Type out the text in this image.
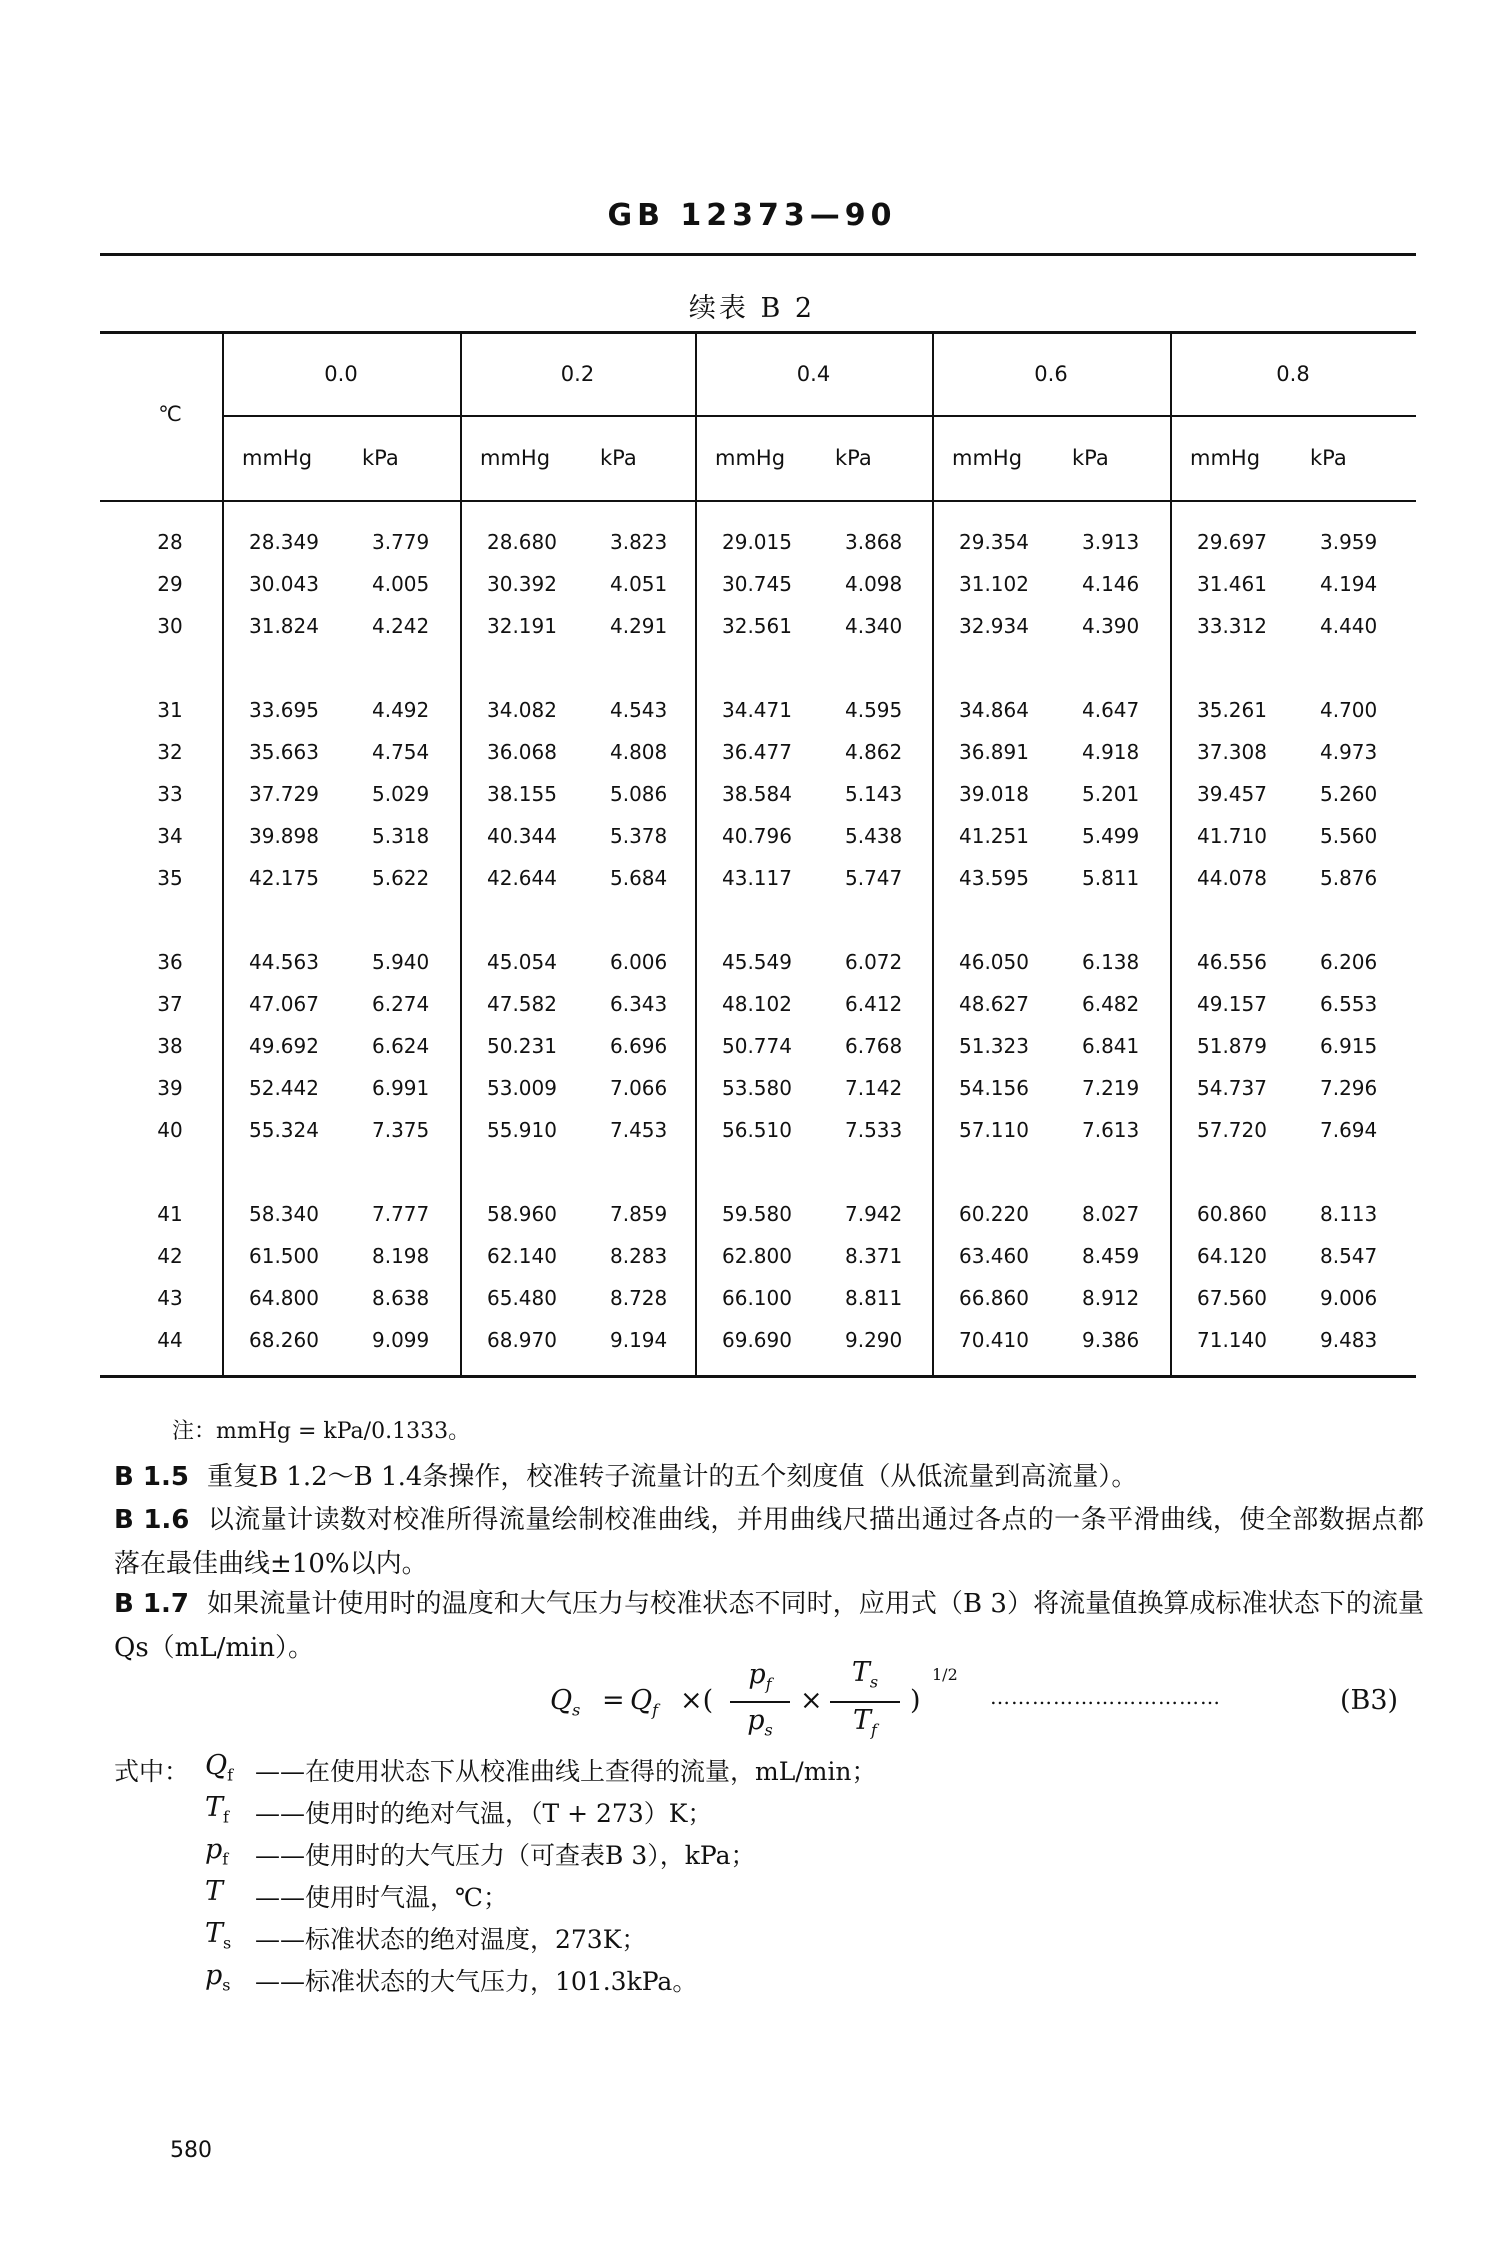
GB 12373—90
续表 B 2
℃
0.0
mmHg	kPa
0.2
mmHg	kPa
0.4
mmHg	kPa
0.6
mmHg	kPa
0.8
mmHg	kPa
28	28.349	3.779	28.680	3.823	29.015	3.868	29.354	3.913	29.697	3.959
29	30.043	4.005	30.392	4.051	30.745	4.098	31.102	4.146	31.461	4.194
30	31.824	4.242	32.191	4.291	32.561	4.340	32.934	4.390	33.312	4.440
31	33.695	4.492	34.082	4.543	34.471	4.595	34.864	4.647	35.261	4.700
32	35.663	4.754	36.068	4.808	36.477	4.862	36.891	4.918	37.308	4.973
33	37.729	5.029	38.155	5.086	38.584	5.143	39.018	5.201	39.457	5.260
34	39.898	5.318	40.344	5.378	40.796	5.438	41.251	5.499	41.710	5.560
35	42.175	5.622	42.644	5.684	43.117	5.747	43.595	5.811	44.078	5.876
36	44.563	5.940	45.054	6.006	45.549	6.072	46.050	6.138	46.556	6.206
37	47.067	6.274	47.582	6.343	48.102	6.412	48.627	6.482	49.157	6.553
38	49.692	6.624	50.231	6.696	50.774	6.768	51.323	6.841	51.879	6.915
39	52.442	6.991	53.009	7.066	53.580	7.142	54.156	7.219	54.737	7.296
40	55.324	7.375	55.910	7.453	56.510	7.533	57.110	7.613	57.720	7.694
41	58.340	7.777	58.960	7.859	59.580	7.942	60.220	8.027	60.860	8.113
42	61.500	8.198	62.140	8.283	62.800	8.371	63.460	8.459	64.120	8.547
43	64.800	8.638	65.480	8.728	66.100	8.811	66.860	8.912	67.560	9.006
44	68.260	9.099	68.970	9.194	69.690	9.290	70.410	9.386	71.140	9.483
注：mmHg = kPa/0.1333。
B 1.5 重复B 1.2～B 1.4条操作，校准转子流量计的五个刻度值（从低流量到高流量）。
B 1.6 以流量计读数对校准所得流量绘制校准曲线，并用曲线尺描出通过各点的一条平滑曲线，使全部数据点都落在最佳曲线±10%以内。
B 1.7 如果流量计使用时的温度和大气压力与校准状态不同时，应用式（B 3）将流量值换算成标准状态下的流量Qs（mL/min）。
$Q_s = Q_f$ ×(
$p_f$
$p_s$
×
$T_s$
$T_f$
)
1/2
……………………………	(B3)
式中： $Q_f$ ——在使用状态下从校准曲线上查得的流量，mL/min；
$T_f$ ——使用时的绝对气温，（T + 273）K；
$p_f$ ——使用时的大气压力（可查表B 3），kPa；
T ——使用时气温，℃；
$T_s$ ——标准状态的绝对温度，273K；
$p_s$ ——标准状态的大气压力，101.3kPa。
580
